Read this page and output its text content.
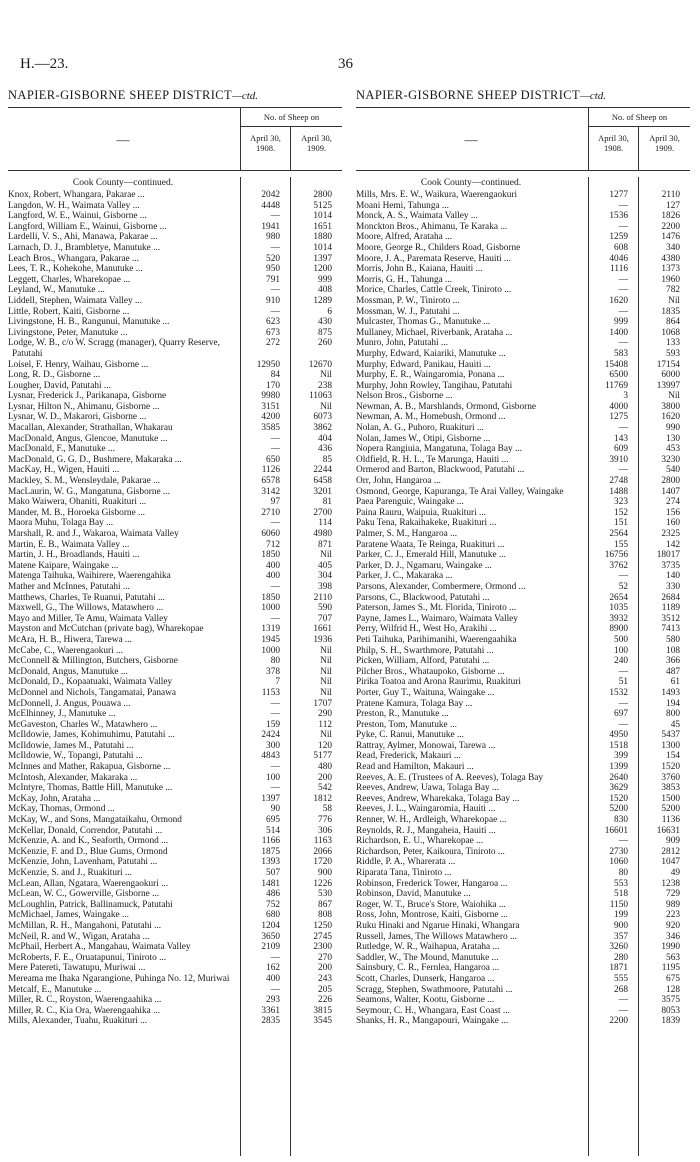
H.—23.	36
NAPIER-GISBORNE SHEEP DISTRICT—ctd.
—
No. of Sheep on
April 30, 1908.
April 30, 1909.
Cook County—continued.
Knox, Robert, Whangara, Pakarae ...	2042	2800
Langdon, W. H., Waimata Valley ...	4448	5125
Langford, W. E., Wainui, Gisborne ...	—	1014
Langford, William E., Wainui, Gisborne ...	1941	1651
Lardelli, V. S., Ahi, Manawa, Pakarae ...	980	1880
Larnach, D. J., Brambletye, Manutuke ...	—	1014
Leach Bros., Whangara, Pakarae ...	520	1397
Lees, T. R., Kohekohe, Manutuke ...	950	1200
Leggett, Charles, Wharekopae ...	791	999
Leyland, W., Manutuke ...	—	408
Liddell, Stephen, Waimata Valley ...	910	1289
Little, Robert, Kaiti, Gisborne ...	—	6
Livingstone, H. B., Rangunui, Manutuke ...	623	430
Livingstone, Peter, Manutuke ...	673	875
Lodge, W. B., c/o W. Scragg (manager), Quarry Reserve, Patutahi
272	260
Loisel, F. Henry, Waihau, Gisborne ...	12950	12670
Long, R. D., Gisborne ...	84	Nil
Lougher, David, Patutahi ...	170	238
Lysnar, Frederick J., Parikanapa, Gisborne	9980	11063
Lysnar, Hilton N., Ahimanu, Gisborne ...	3151	Nil
Lysnar, W. D., Makarori, Gisborne ...	4200	6073
Macallan, Alexander, Strathallan, Whakarau	3585	3862
MacDonald, Angus, Glencoe, Manutuke ...	—	404
MacDonald, F., Manutuke ...	—	436
MacDonald, G. G. D., Bushmere, Makaraka ...	650	85
MacKay, H., Wigen, Hauiti ...	1126	2244
Mackley, S. M., Wensleydale, Pakarae ...	6578	6458
MacLaurin, W. G., Mangatuna, Gisborne ...	3142	3201
Mako Waiwera, Ohaniti, Ruakituri ...	97	81
Mander, M. B., Horoeka Gisborne ...	2710	2700
Maora Muhu, Tolaga Bay ...	—	114
Marshall, R. and J., Wakaroa, Waimata Valley	6060	4980
Martin, E. B., Waimata Valley ...	712	871
Martin, J. H., Broadlands, Hauiti ...	1850	Nil
Matene Kaipare, Waingake ...	400	405
Matenga Taihuka, Waihirere, Waerengahika	400	304
Mather and McInnes, Patutahi ...	—	398
Matthews, Charles, Te Ruanui, Patutahi ...	1850	2110
Maxwell, G., The Willows, Matawhero ...	1000	590
Mayo and Miller, Te Amu, Waimata Valley	—	707
Mayston and McCutchan (private bag), Wharekopae	1319	1661
McAra, H. B., Hiwera, Tarewa ...	1945	1936
McCabe, C., Waerengaokuri ...	1000	Nil
McConnell & Millington, Butchers, Gisborne	80	Nil
McDonald, Angus, Manutuke ...	378	Nil
McDonald, D., Kopaatuaki, Waimata Valley	7	Nil
McDonnel and Nichols, Tangamatai, Panawa	1153	Nil
McDonnell, J. Angus, Pouawa ...	—	1707
McElhinney, J., Manutuke ...	—	290
McGaveston, Charles W., Matawhero ...	159	112
McIldowie, James, Kohimuhimu, Patutahi ...	2424	Nil
McIldowie, James M., Patutahi ...	300	120
McIldowie, W., Topangi, Patutahi ...	4843	5177
McInnes and Mather, Rakapua, Gisborne ...	—	480
McIntosh, Alexander, Makaraka ...	100	200
McIntyre, Thomas, Battle Hill, Manutuke ...	—	542
McKay, John, Arataha ...	1397	1812
McKay, Thomas, Ormond ...	90	58
McKay, W., and Sons, Mangataikahu, Ormond	695	776
McKellar, Donald, Correndor, Patutahi ...	514	306
McKenzie, A. and K., Seaforth, Ormond ...	1166	1163
McKenzie, F. and D., Blue Gums, Ormond	1875	2066
McKenzie, John, Lavenham, Patutahi ...	1393	1720
McKenzie, S. and J., Ruakituri ...	507	900
McLean, Allan, Ngatara, Waerengaokuri ...	1481	1226
McLean, W. C., Gowerville, Gisborne ...	486	530
McLoughlin, Patrick, Ballinamuck, Patutahi	752	867
McMichael, James, Waingake ...	680	808
McMillan, R. H., Mangahoni, Patutahi ...	1204	1250
McNeil, R. and W., Wigan, Arataha ...	3650	2745
McPhail, Herbert A., Mangahau, Waimata Valley	2109	2300
McRoberts, F. E., Oruatapunui, Tiniroto ...	—	270
Mere Patereti, Tawatupu, Muriwai ...	162	200
Mereama me Ihaka Ngarangione, Puhinga No. 12, Muriwai	400	243
Metcalf, E., Manutuke ...	—	205
Miller, R. C., Royston, Waerengaahika ...	293	226
Miller, R. C., Kia Ora, Waerengaahika ...	3361	3815
Mills, Alexander, Tuahu, Ruakituri ...	2835	3545
NAPIER-GISBORNE SHEEP DISTRICT—ctd.
—
No. of Sheep on
April 30, 1908.
April 30, 1909.
Cook County—continued.
Mills, Mrs. E. W., Waikura, Waerengaokuri	1277	2110
Moani Hemi, Tahunga ...	—	127
Monck, A. S., Waimata Valley ...	1536	1826
Monckton Bros., Ahimanu, Te Karaka ...	—	2200
Moore, Alfred, Arataha ...	1259	1476
Moore, George R., Childers Road, Gisborne	608	340
Moore, J. A., Paremata Reserve, Hauiti ...	4046	4380
Morris, John B., Kaiana, Hauiti ...	1116	1373
Morris, G. H., Tahunga ...	—	1960
Morice, Charles, Cattle Creek, Tiniroto ...	—	782
Mossman, P. W., Tiniroto ...	1620	Nil
Mossman, W. J., Patutahi ...	—	1835
Mulcaster, Thomas G., Manutuke ...	999	864
Mullaney, Michael, Riverbank, Arataha ...	1400	1068
Munro, John, Patutahi ...	—	133
Murphy, Edward, Kaiariki, Manutuke ...	583	593
Murphy, Edward, Panikau, Hauiti ...	15408	17154
Murphy, E. R., Waingaromia, Ponana ...	6500	6000
Murphy, John Rowley, Tangihau, Patutahi	11769	13997
Nelson Bros., Gisborne ...	3	Nil
Newman, A. B., Marshlands, Ormond, Gisborne	4000	3800
Newman, A. M., Homebush, Ormond ...	1275	1620
Nolan, A. G., Puhoro, Ruakituri ...	—	990
Nolan, James W., Otipi, Gisborne ...	143	130
Nopera Rangiuia, Mangatuna, Tolaga Bay ...	609	453
Oldfield, R. H. L., Te Marunga, Hauiti ...	3910	3230
Ormerod and Barton, Blackwood, Patutahi ...	—	540
Orr, John, Hangaroa ...	2748	2800
Osmond, George, Kapuranga, Te Arai Valley, Waingake	1488	1407
Paea Parenguic, Waingake ...	323	274
Paina Rauru, Waipuia, Ruakituri ...	152	156
Paku Tena, Rakaihakeke, Ruakituri ...	151	160
Palmer, S. M., Hangaroa ...	2564	2325
Paratene Waata, Te Reinga, Ruakituri ...	155	142
Parker, C. J., Emerald Hill, Manutuke ...	16756	18017
Parker, D. J., Ngamaru, Waingake ...	3762	3735
Parker, J. C., Makaraka ...	—	140
Parsons, Alexander, Combermere, Ormond ...	52	330
Parsons, C., Blackwood, Patutahi ...	2654	2684
Paterson, James S., Mt. Florida, Tiniroto ...	1035	1189
Payne, James L., Waimaro, Waimata Valley	3932	3512
Perry, Wilfrid H., West Ho, Arakihi ...	8900	7413
Peti Taihuka, Parihimanihi, Waerengaahika	500	580
Philp, S. H., Swarthmore, Patutahi ...	100	108
Picken, William, Alford, Patutahi ...	240	366
Pilcher Bros., Whataupoko, Gisborne ...	—	487
Pirika Toatoa and Arona Raurimu, Ruakituri	51	61
Porter, Guy T., Waituna, Waingake ...	1532	1493
Pratene Kamura, Tolaga Bay ...	—	194
Preston, R., Manutuke ...	697	800
Preston, Tom, Manutuke ...	—	45
Pyke, C. Ranui, Manutuke ...	4950	5437
Rattray, Aylmer, Monowai, Tarewa ...	1518	1300
Read, Frederick, Makauri ...	399	154
Read and Hamilton, Makauri ...	1399	1520
Reeves, A. E. (Trustees of A. Reeves), Tolaga Bay	2640	3760
Reeves, Andrew, Uawa, Tolaga Bay ...	3629	3853
Reeves, Andrew, Wharekaka, Tolaga Bay ...	1520	1500
Reeves, J. L., Waingaromia, Hauiti ...	5200	5200
Renner, W. H., Ardleigh, Wharekopae ...	830	1136
Reynolds, R. J., Mangaheia, Hauiti ...	16601	16631
Richardson, E. U., Wharekopae ...	—	909
Richardson, Peter, Kaikoura, Tiniroto ...	2730	2812
Riddle, P. A., Wharerata ...	1060	1047
Riparata Tana, Tiniroto ...	80	49
Robinson, Frederick Tower, Hangaroa ...	553	1238
Robinson, David, Manutuke ...	518	729
Roger, W. T., Bruce's Store, Waiohika ...	1150	989
Ross, John, Montrose, Kaiti, Gisborne ...	199	223
Ruku Hinaki and Ngarue Hinaki, Whangara	900	920
Russell, James, The Willows Matawhero ...	357	346
Rutledge, W. R., Waihapua, Arataha ...	3260	1990
Saddler, W., The Mound, Manutuke ...	280	563
Sainsbury, C. R., Fernlea, Hangaroa ...	1871	1195
Scott, Charles, Dunserk, Hangaroa ...	555	675
Scragg, Stephen, Swathmoore, Patutahi ...	268	128
Seamons, Walter, Kootu, Gisborne ...	—	3575
Seymour, C. H., Whangara, East Coast ...	—	8053
Shanks, H. R., Mangapouri, Waingake ...	2200	1839
